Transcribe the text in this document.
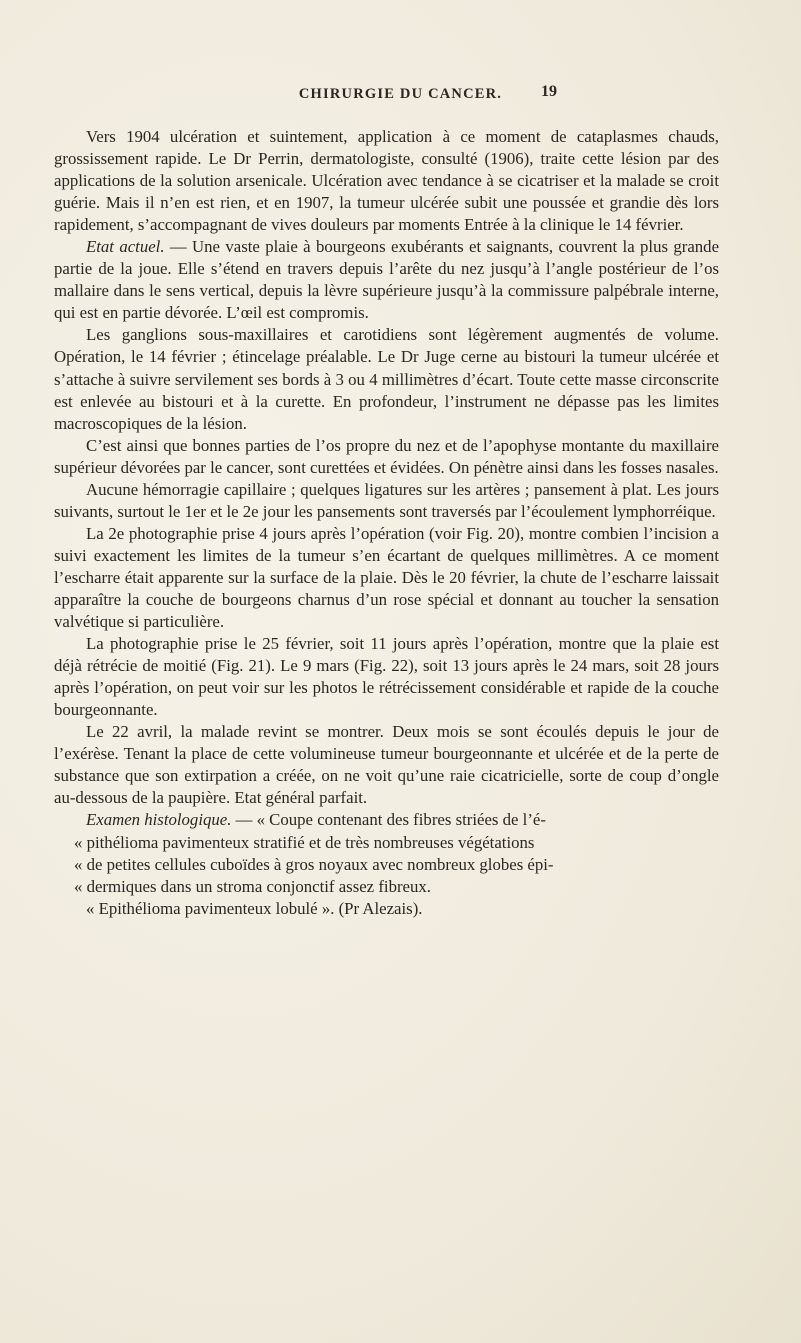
CHIRURGIE DU CANCER.	19

Vers 1904 ulcération et suintement, application à ce moment de cataplasmes chauds, grossissement rapide. Le Dr Perrin, dermatologiste, consulté (1906), traite cette lésion par des applications de la solution arsenicale. Ulcération avec tendance à se cicatriser et la malade se croit guérie. Mais il n’en est rien, et en 1907, la tumeur ulcérée subit une poussée et grandie dès lors rapidement, s’accompagnant de vives douleurs par moments Entrée à la clinique le 14 février.

Etat actuel. — Une vaste plaie à bourgeons exubérants et saignants, couvrent la plus grande partie de la joue. Elle s’étend en travers depuis l’arête du nez jusqu’à l’angle postérieur de l’os mallaire dans le sens vertical, depuis la lèvre supérieure jusqu’à la commissure palpébrale interne, qui est en partie dévorée. L’œil est compromis.

Les ganglions sous-maxillaires et carotidiens sont légèrement augmentés de volume. Opération, le 14 février ; étincelage préalable. Le Dr Juge cerne au bistouri la tumeur ulcérée et s’attache à suivre servilement ses bords à 3 ou 4 millimètres d’écart. Toute cette masse circonscrite est enlevée au bistouri et à la curette. En profondeur, l’instrument ne dépasse pas les limites macroscopiques de la lésion.

C’est ainsi que bonnes parties de l’os propre du nez et de l’apophyse montante du maxillaire supérieur dévorées par le cancer, sont curettées et évidées. On pénètre ainsi dans les fosses nasales.

Aucune hémorragie capillaire ; quelques ligatures sur les artères ; pansement à plat. Les jours suivants, surtout le 1er et le 2e jour les pansements sont traversés par l’écoulement lymphorréique.

La 2e photographie prise 4 jours après l’opération (voir Fig. 20), montre combien l’incision a suivi exactement les limites de la tumeur s’en écartant de quelques millimètres. A ce moment l’escharre était apparente sur la surface de la plaie. Dès le 20 février, la chute de l’escharre laissait apparaître la couche de bourgeons charnus d’un rose spécial et donnant au toucher la sensation valvétique si particulière.

La photographie prise le 25 février, soit 11 jours après l’opération, montre que la plaie est déjà rétrécie de moitié (Fig. 21). Le 9 mars (Fig. 22), soit 13 jours après le 24 mars, soit 28 jours après l’opération, on peut voir sur les photos le rétrécissement considérable et rapide de la couche bourgeonnante.

Le 22 avril, la malade revint se montrer. Deux mois se sont écoulés depuis le jour de l’exérèse. Tenant la place de cette volumineuse tumeur bourgeonnante et ulcérée et de la perte de substance que son extirpation a créée, on ne voit qu’une raie cicatricielle, sorte de coup d’ongle au-dessous de la paupière. Etat général parfait.

Examen histologique. — « Coupe contenant des fibres striées de l’é-

« pithélioma pavimenteux stratifié et de très nombreuses végétations

« de petites cellules cuboïdes à gros noyaux avec nombreux globes épi-

« dermiques dans un stroma conjonctif assez fibreux.

« Epithélioma pavimenteux lobulé ». (Pr Alezais).
